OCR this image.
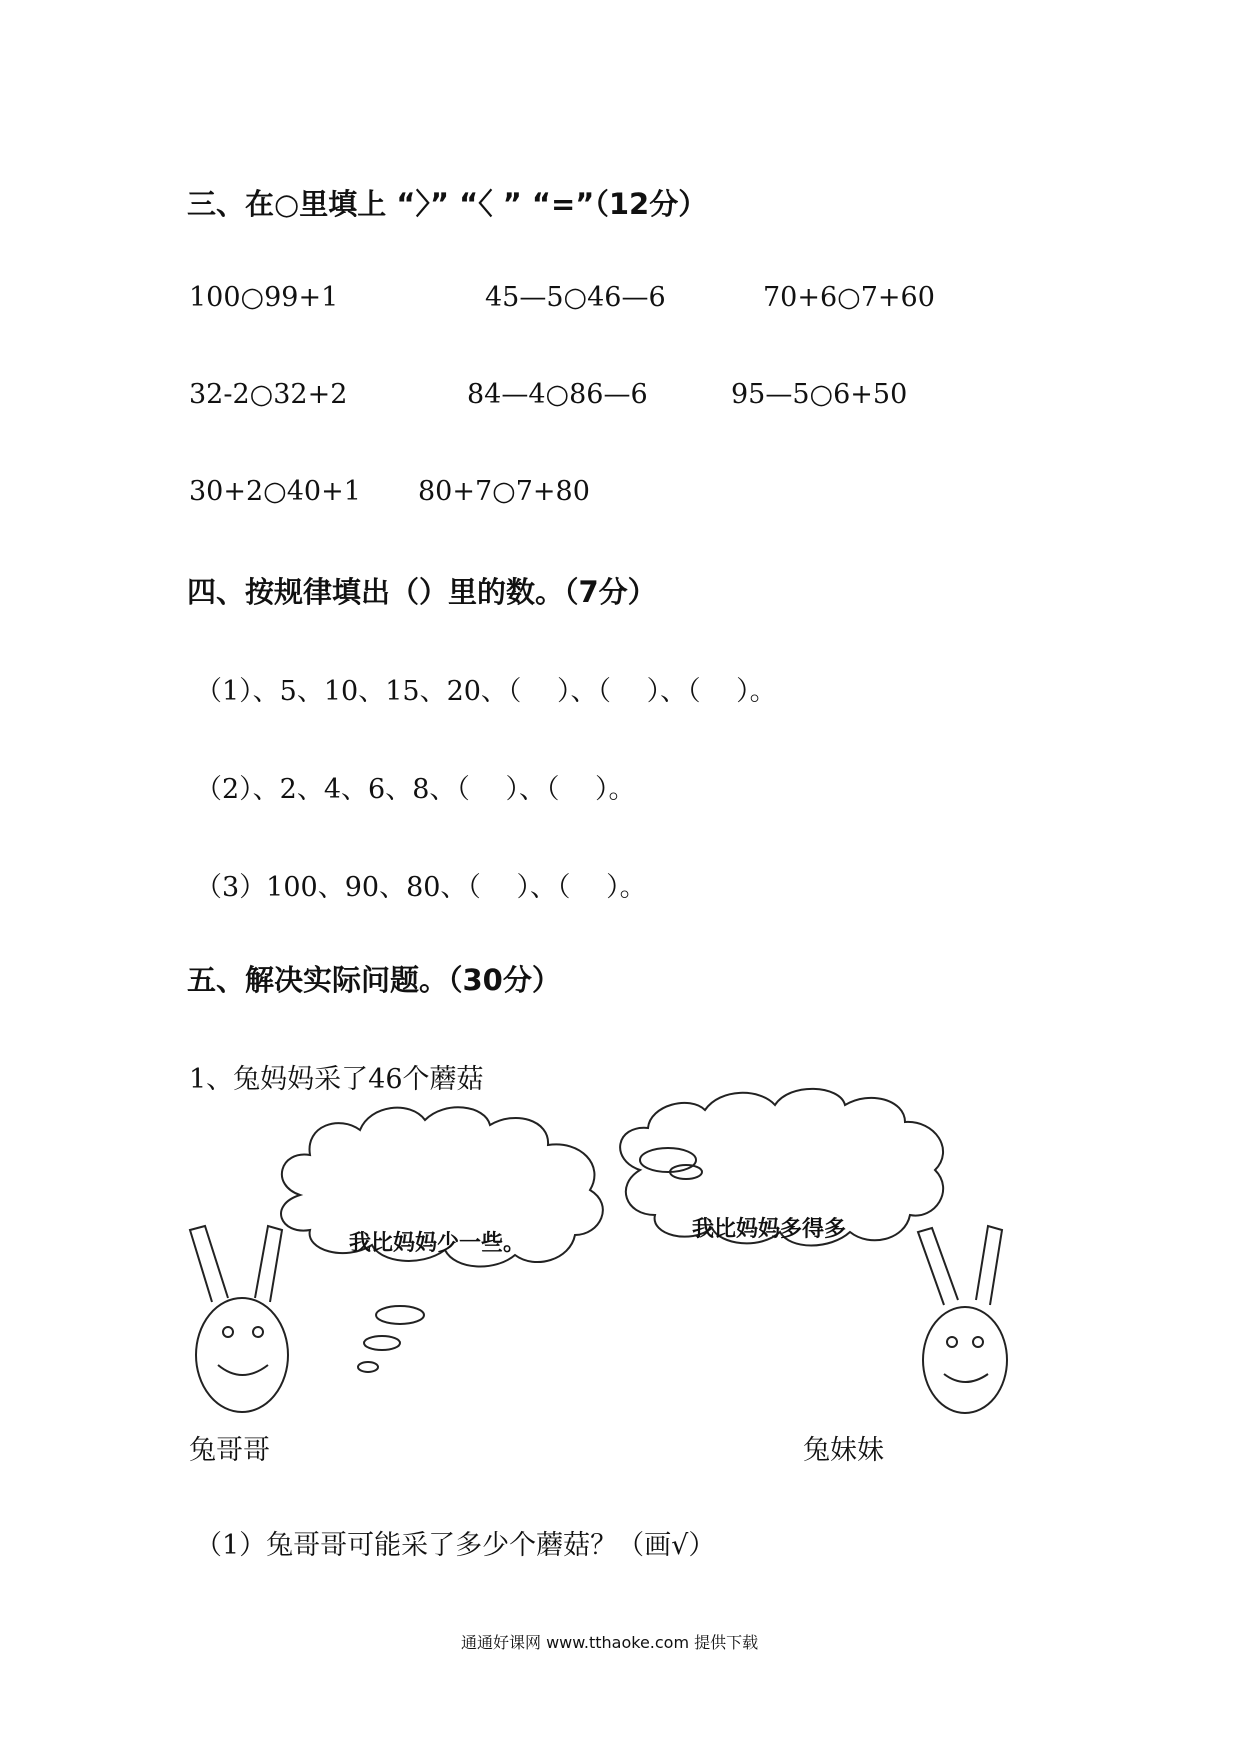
三、在○里填上 “〉” “〈 ” “=”（12分）
100○99+1	45—5○46—6	70+6○7+60
32-2○32+2	84—4○86—6	95—5○6+50
30+2○40+1 80+7○7+80
四、按规律填出（）里的数。（7分）
（1）、5、10、15、20、（　 ）、（　 ）、（　 ）。
（2）、2、4、6、8、（　 ）、（　 ）。
（3）100、90、80、（　 ）、（　 ）。
五、解决实际问题。（30分）
1、兔妈妈采了46个蘑菇
我比妈妈少一些。
我比妈妈多得多
兔哥哥	兔妹妹
（1）兔哥哥可能采了多少个蘑菇？（画√）
通通好课网 www.tthaoke.com 提供下载
